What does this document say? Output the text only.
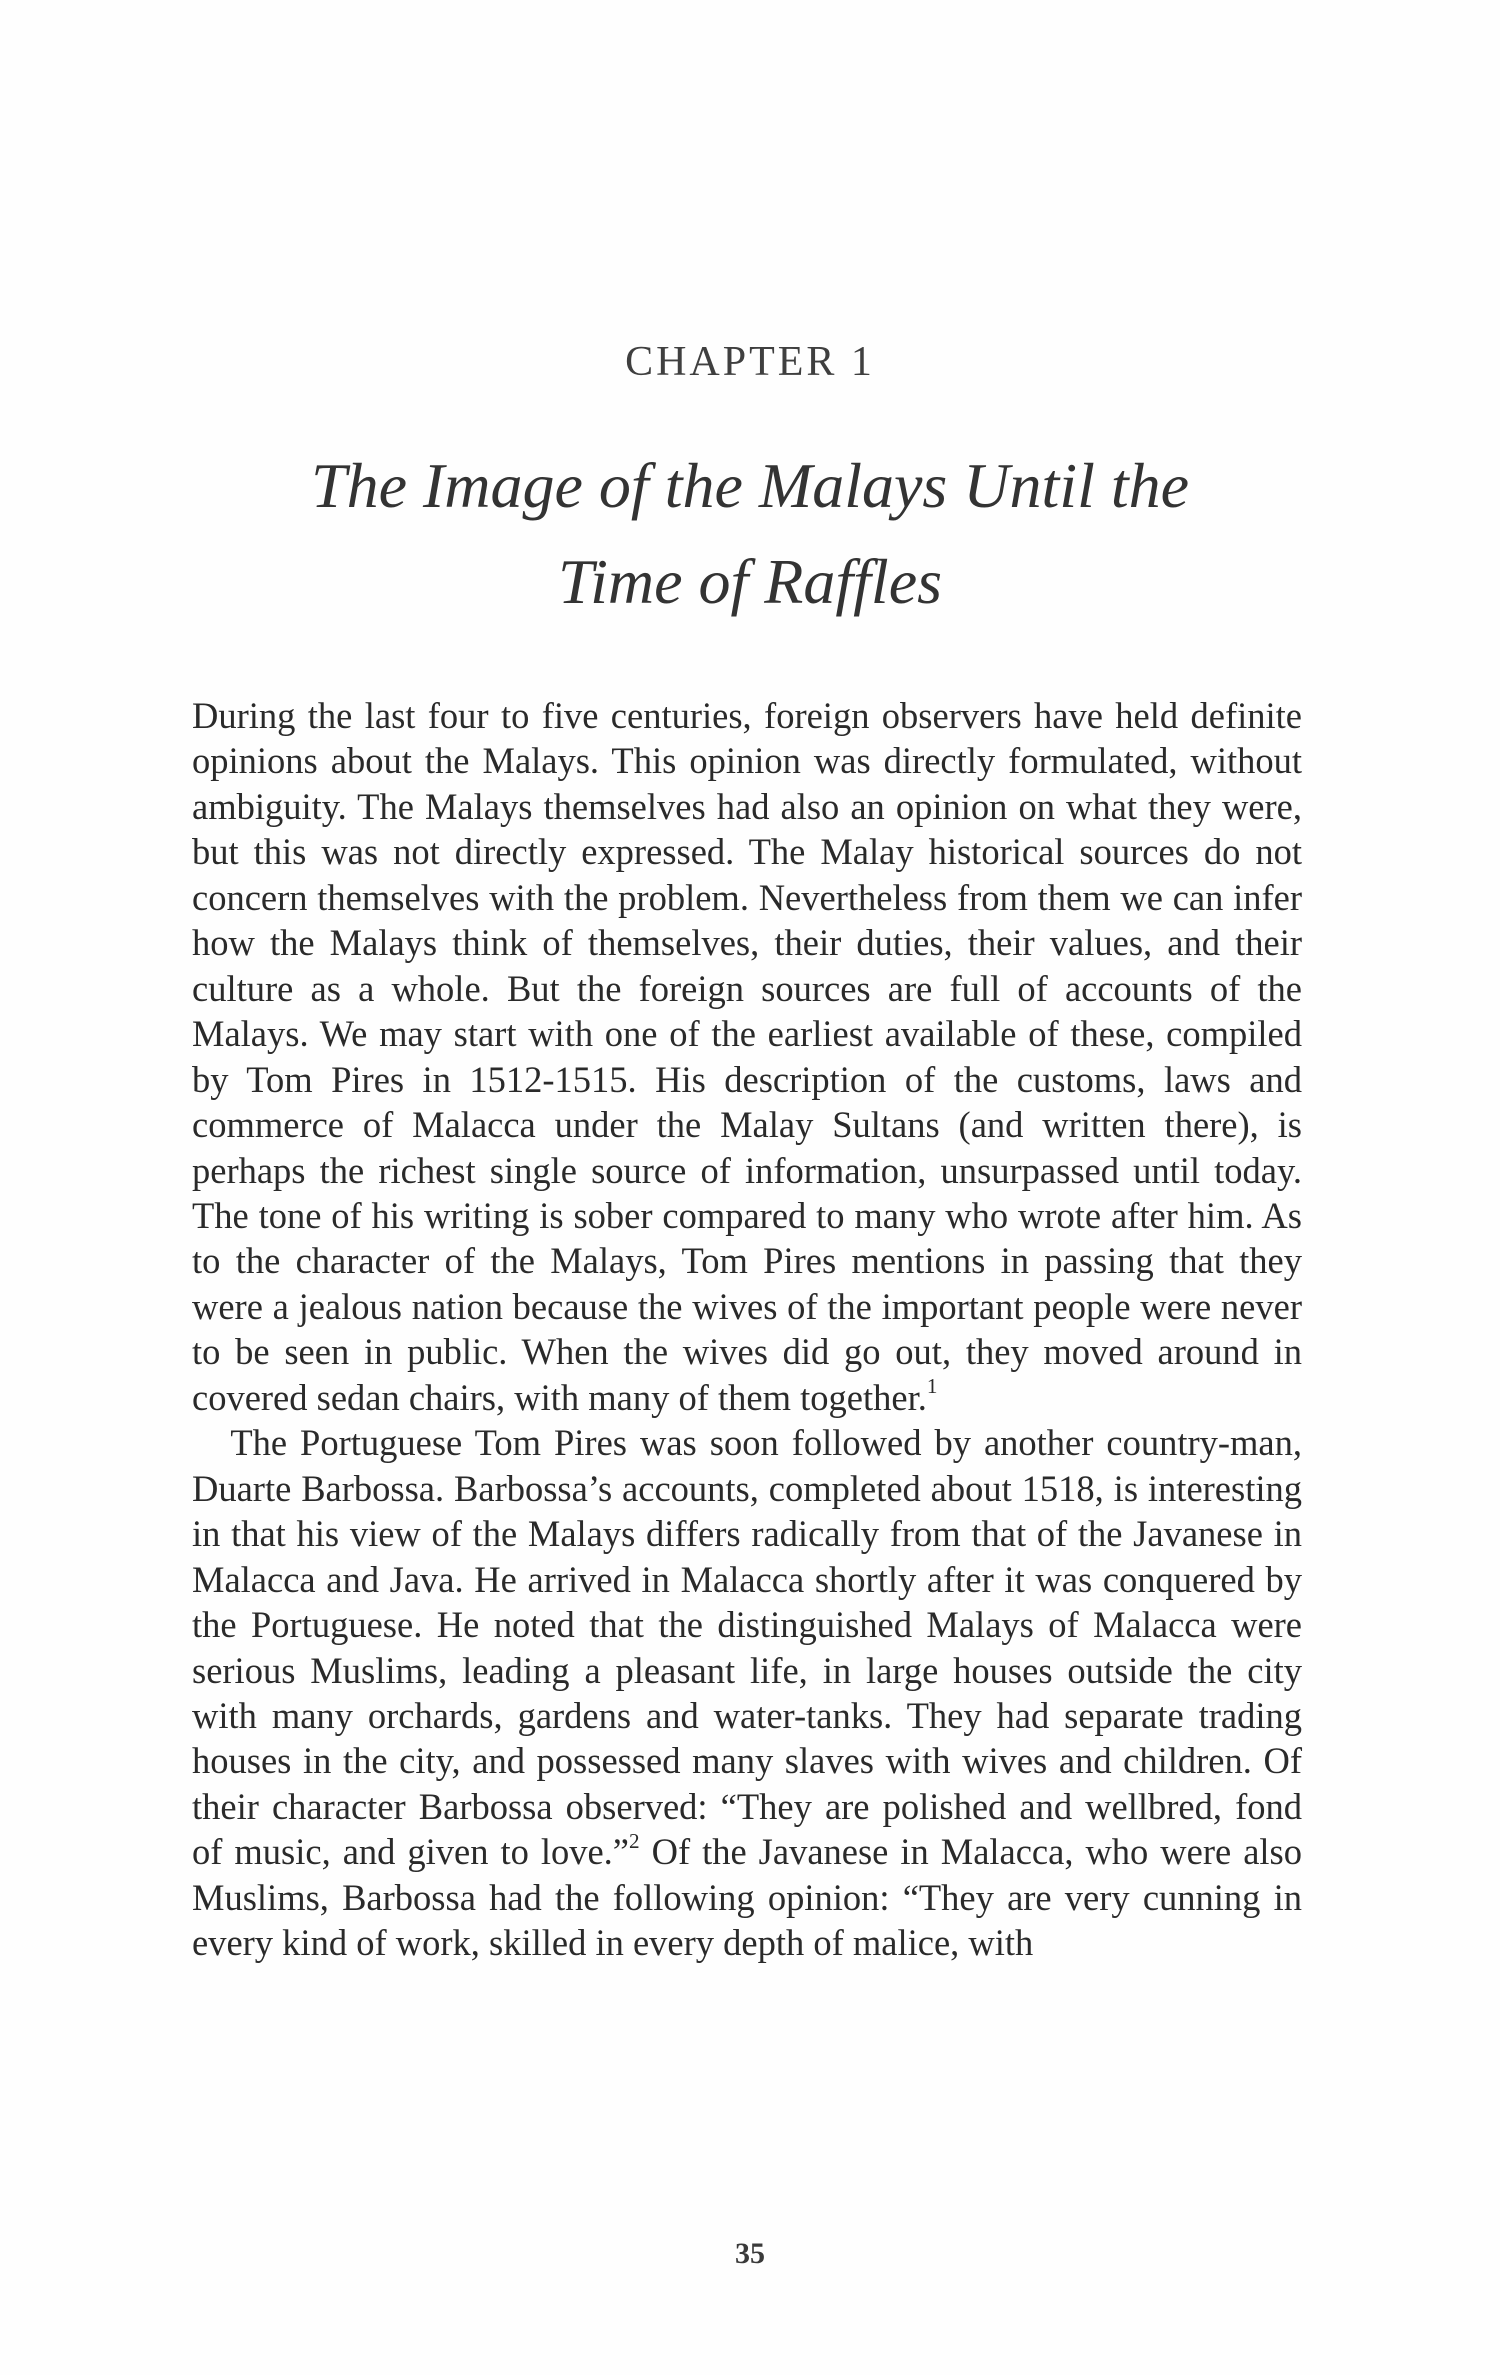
CHAPTER 1
The Image of the Malays Until the
Time of Raffles

During the last four to five centuries, foreign observers have held definite opinions about the Malays. This opinion was directly formulated, without ambiguity. The Malays themselves had also an opinion on what they were, but this was not directly expressed. The Malay historical sources do not concern themselves with the problem. Nevertheless from them we can infer how the Malays think of themselves, their duties, their values, and their culture as a whole. But the foreign sources are full of accounts of the Malays. We may start with one of the earliest available of these, compiled by Tom Pires in 1512-1515. His description of the customs, laws and commerce of Malacca under the Malay Sultans (and written there), is perhaps the richest single source of information, unsurpassed until today. The tone of his writing is sober compared to many who wrote after him. As to the character of the Malays, Tom Pires mentions in passing that they were a jealous nation because the wives of the important people were never to be seen in public. When the wives did go out, they moved around in covered sedan chairs, with many of them together.$^1$

The Portuguese Tom Pires was soon followed by another country-man, Duarte Barbossa. Barbossa’s accounts, completed about 1518, is interesting in that his view of the Malays differs radically from that of the Javanese in Malacca and Java. He arrived in Malacca shortly after it was conquered by the Portuguese. He noted that the distinguished Malays of Malacca were serious Muslims, leading a pleasant life, in large houses outside the city with many orchards, gardens and water-tanks. They had separate trading houses in the city, and possessed many slaves with wives and children. Of their character Barbossa observed: “They are polished and wellbred, fond of music, and given to love.”$^2$ Of the Javanese in Malacca, who were also Muslims, Barbossa had the following opinion: “They are very cunning in every kind of work, skilled in every depth of malice, with

35
